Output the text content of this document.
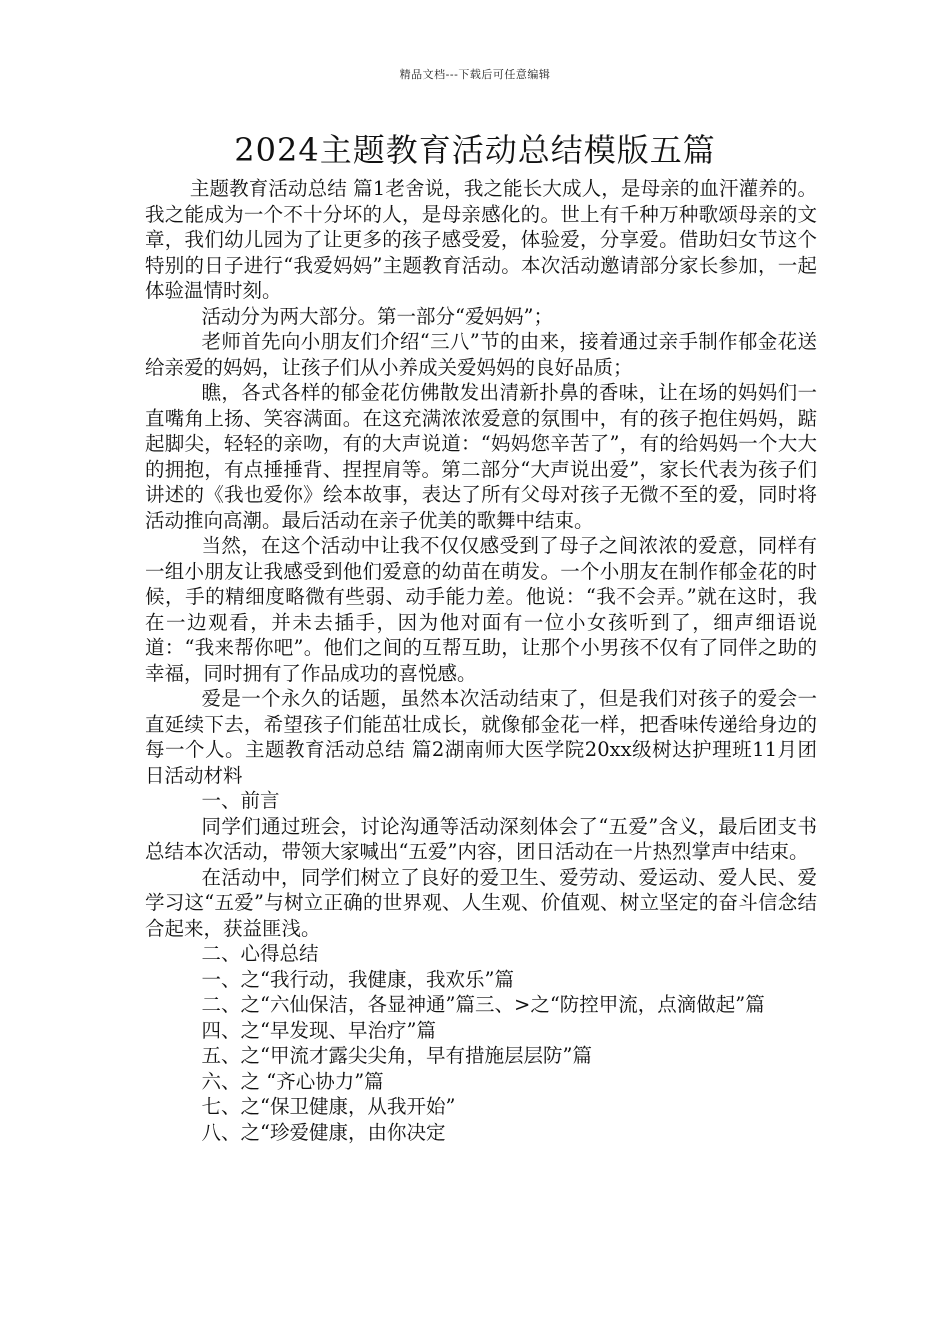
精品文档---下载后可任意编辑
2024主题教育活动总结模版五篇

主题教育活动总结 篇1老舍说，我之能长大成人，是母亲的血汗灌养的。我之能成为一个不十分坏的人，是母亲感化的。世上有千种万种歌颂母亲的文章，我们幼儿园为了让更多的孩子感受爱，体验爱，分享爱。借助妇女节这个特别的日子进行“我爱妈妈”主题教育活动。本次活动邀请部分家长参加，一起体验温情时刻。

活动分为两大部分。第一部分“爱妈妈”；

老师首先向小朋友们介绍“三八”节的由来，接着通过亲手制作郁金花送给亲爱的妈妈，让孩子们从小养成关爱妈妈的良好品质；

瞧，各式各样的郁金花仿佛散发出清新扑鼻的香味，让在场的妈妈们一直嘴角上扬、笑容满面。在这充满浓浓爱意的氛围中，有的孩子抱住妈妈，踮起脚尖，轻轻的亲吻，有的大声说道：“妈妈您辛苦了”，有的给妈妈一个大大的拥抱，有点捶捶背、捏捏肩等。第二部分“大声说出爱”，家长代表为孩子们讲述的《我也爱你》绘本故事，表达了所有父母对孩子无微不至的爱，同时将活动推向高潮。最后活动在亲子优美的歌舞中结束。

当然，在这个活动中让我不仅仅感受到了母子之间浓浓的爱意，同样有一组小朋友让我感受到他们爱意的幼苗在萌发。一个小朋友在制作郁金花的时候，手的精细度略微有些弱、动手能力差。他说：“我不会弄。”就在这时，我在一边观看，并未去插手，因为他对面有一位小女孩听到了，细声细语说道：“我来帮你吧”。他们之间的互帮互助，让那个小男孩不仅有了同伴之助的幸福，同时拥有了作品成功的喜悦感。

爱是一个永久的话题，虽然本次活动结束了，但是我们对孩子的爱会一直延续下去，希望孩子们能茁壮成长，就像郁金花一样，把香味传递给身边的每一个人。主题教育活动总结 篇2湖南师大医学院20xx级树达护理班11月团日活动材料

一、前言

同学们通过班会，讨论沟通等活动深刻体会了“五爱”含义，最后团支书总结本次活动，带领大家喊出“五爱”内容，团日活动在一片热烈掌声中结束。

在活动中，同学们树立了良好的爱卫生、爱劳动、爱运动、爱人民、爱学习这“五爱”与树立正确的世界观、人生观、价值观、树立坚定的奋斗信念结合起来，获益匪浅。

二、心得总结

一、之“我行动，我健康，我欢乐”篇

二、之“六仙保洁，各显神通”篇三、>之“防控甲流，点滴做起”篇

四、之“早发现、早治疗”篇

五、之“甲流才露尖尖角，早有措施层层防”篇

六、之 “齐心协力”篇

七、之“保卫健康，从我开始”

八、之“珍爱健康，由你决定
